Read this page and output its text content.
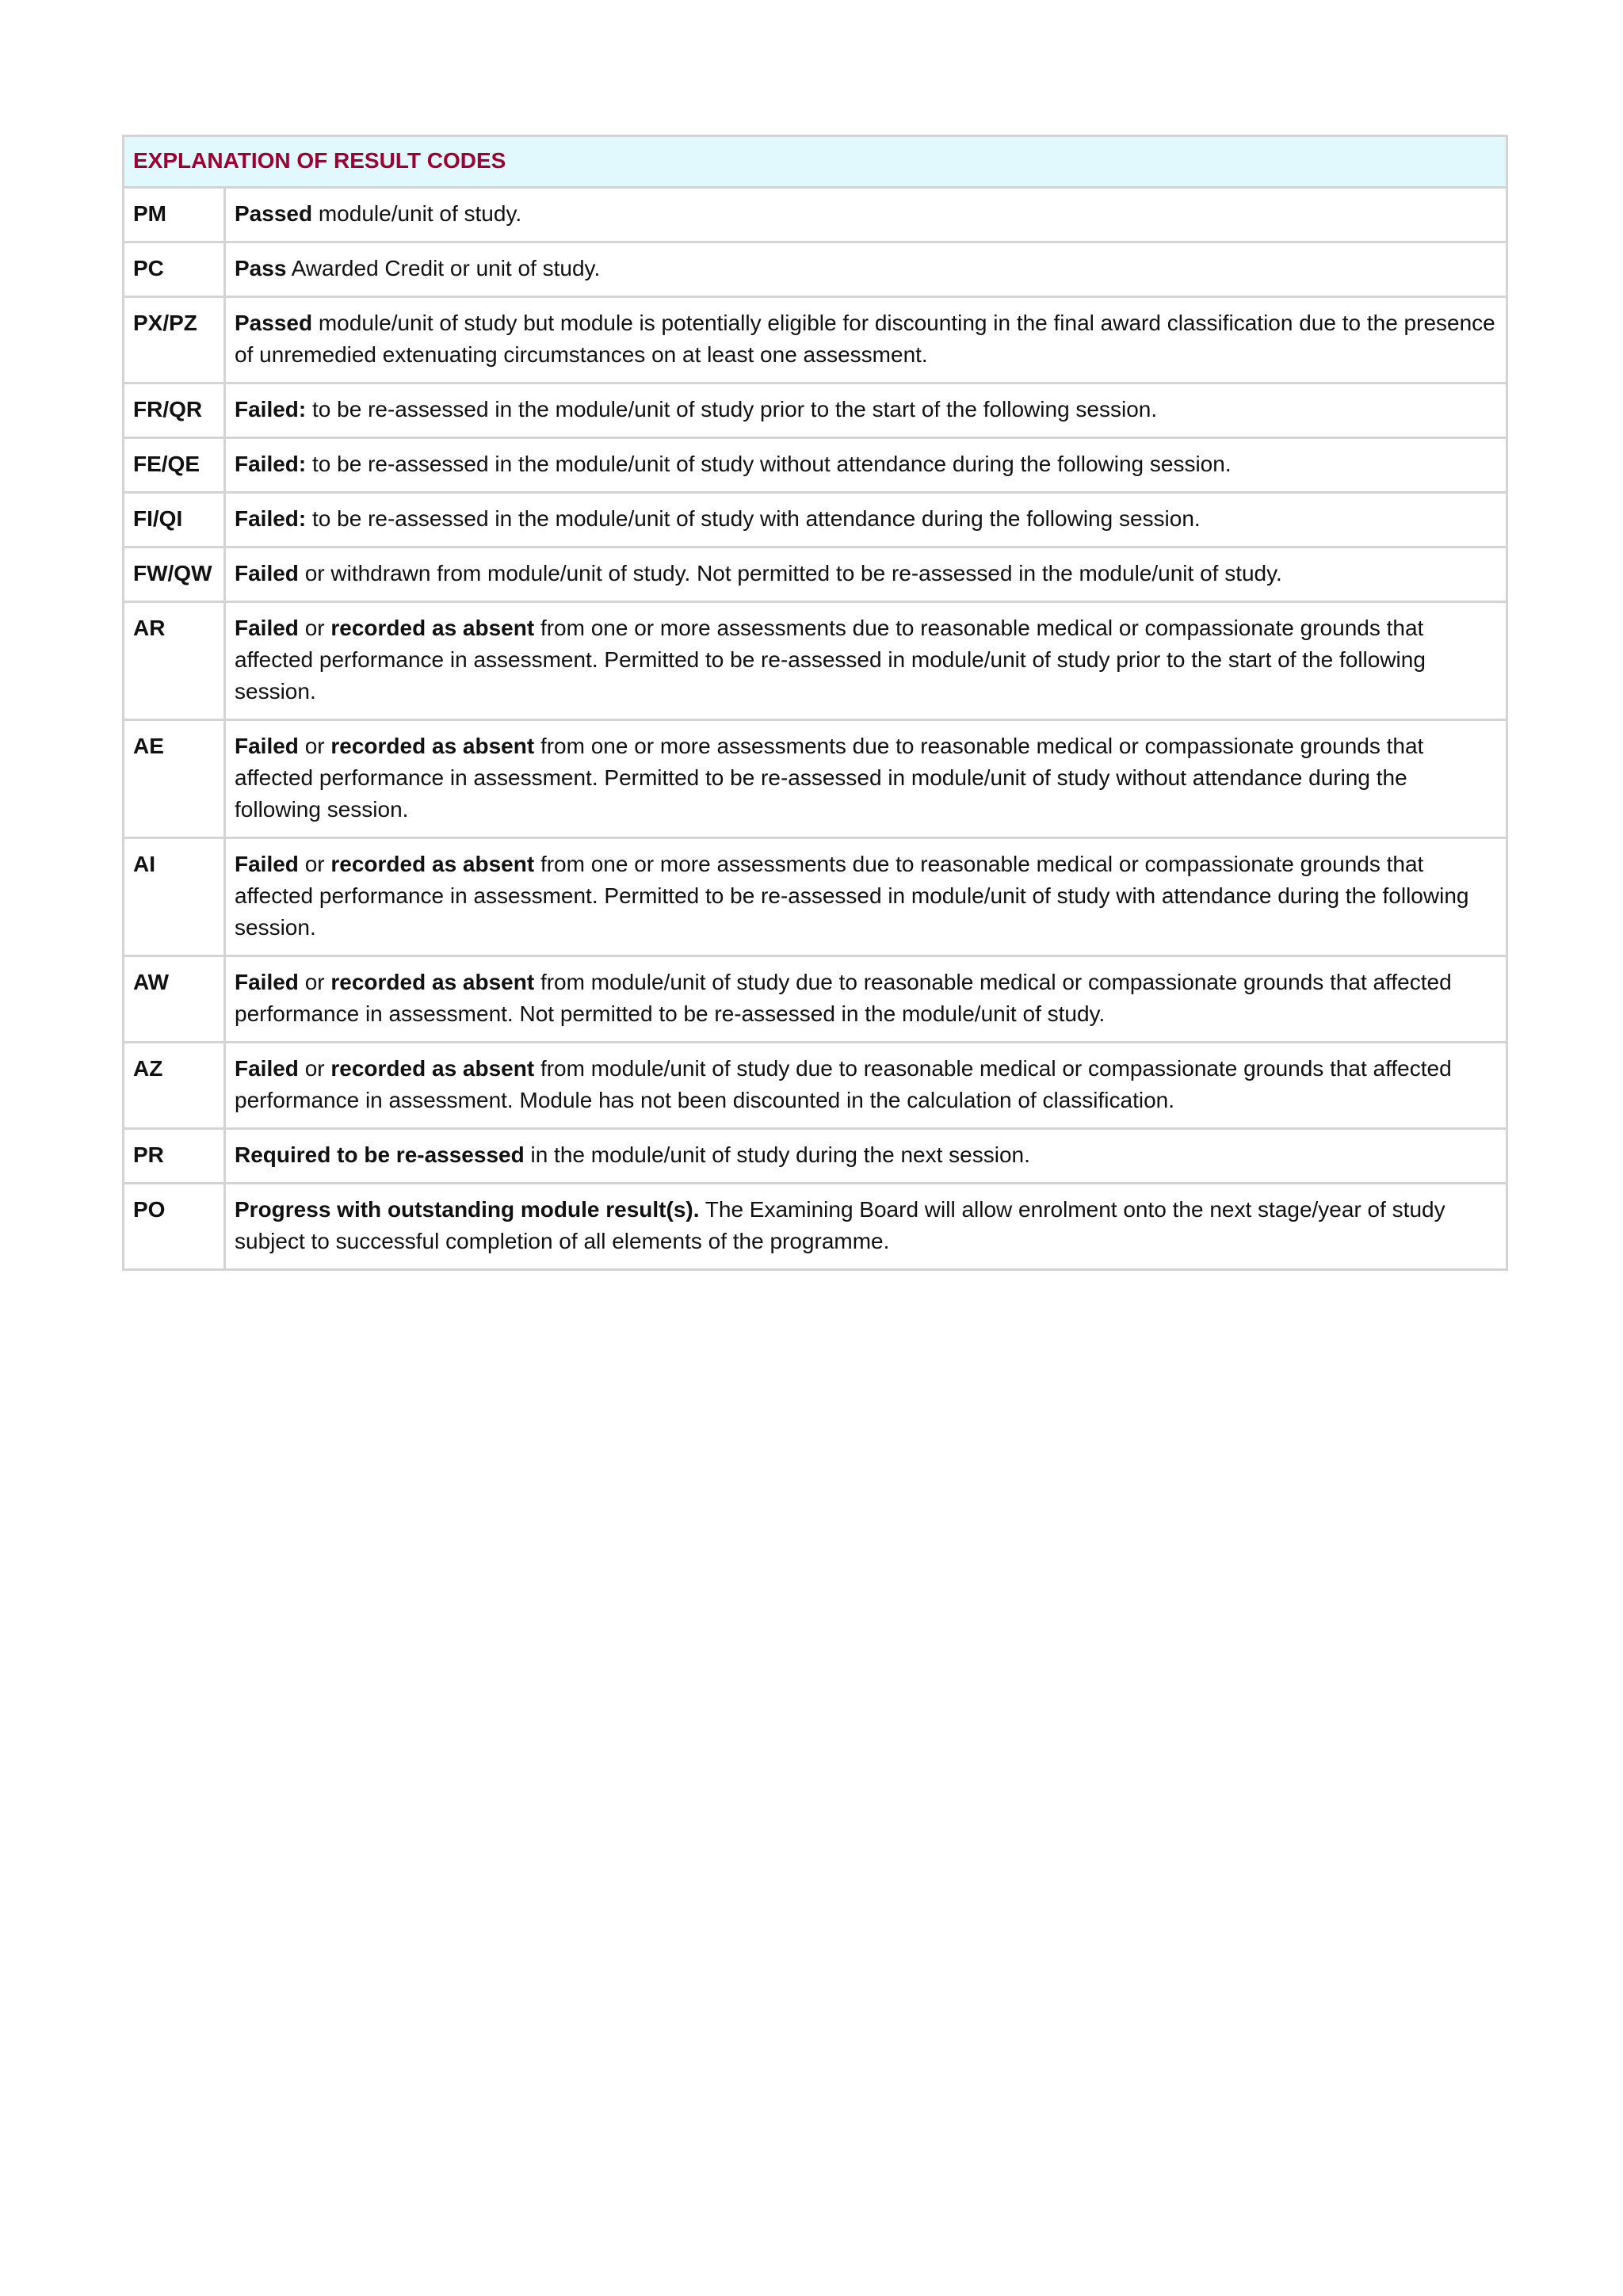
EXPLANATION OF RESULT CODES	
PM	Passed module/unit of study.
PC	Pass Awarded Credit or unit of study.
PX/PZ	Passed module/unit of study but module is potentially eligible for discounting in the final award classification due to the presence of unremedied extenuating circumstances on at least one assessment.
FR/QR	Failed: to be re-assessed in the module/unit of study prior to the start of the following session.
FE/QE	Failed: to be re-assessed in the module/unit of study without attendance during the following session.
FI/QI	Failed: to be re-assessed in the module/unit of study with attendance during the following session.
FW/QW	Failed or withdrawn from module/unit of study. Not permitted to be re-assessed in the module/unit of study.
AR	Failed or recorded as absent from one or more assessments due to reasonable medical or compassionate grounds that affected performance in assessment. Permitted to be re-assessed in module/unit of study prior to the start of the following session.
AE	Failed or recorded as absent from one or more assessments due to reasonable medical or compassionate grounds that affected performance in assessment. Permitted to be re-assessed in module/unit of study without attendance during the following session.
AI	Failed or recorded as absent from one or more assessments due to reasonable medical or compassionate grounds that affected performance in assessment. Permitted to be re-assessed in module/unit of study with attendance during the following session.
AW	Failed or recorded as absent from module/unit of study due to reasonable medical or compassionate grounds that affected performance in assessment. Not permitted to be re-assessed in the module/unit of study.
AZ	Failed or recorded as absent from module/unit of study due to reasonable medical or compassionate grounds that affected performance in assessment. Module has not been discounted in the calculation of classification.
PR	Required to be re-assessed in the module/unit of study during the next session.
PO	Progress with outstanding module result(s). The Examining Board will allow enrolment onto the next stage/year of study subject to successful completion of all elements of the programme.
